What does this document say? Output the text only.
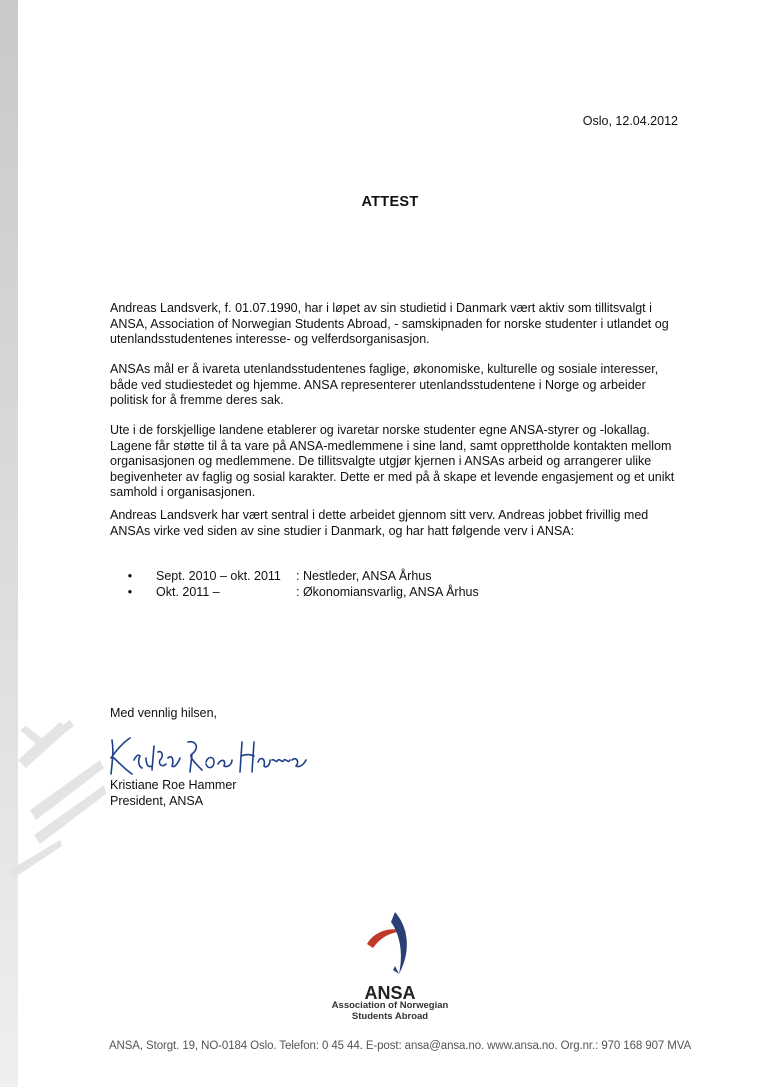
Oslo, 12.04.2012
ATTEST

Andreas Landsverk, f. 01.07.1990, har i løpet av sin studietid i Danmark vært aktiv som tillitsvalgt i ANSA, Association of Norwegian Students Abroad, - samskipnaden for norske studenter i utlandet og utenlandsstudentenes interesse- og velferdsorganisasjon.

ANSAs mål er å ivareta utenlandsstudentenes faglige, økonomiske, kulturelle og sosiale interesser, både ved studiestedet og hjemme. ANSA representerer utenlandsstudentene i Norge og arbeider politisk for å fremme deres sak.

Ute i de forskjellige landene etablerer og ivaretar norske studenter egne ANSA-styrer og -lokallag. Lagene får støtte til å ta vare på ANSA-medlemmene i sine land, samt opprettholde kontakten mellom organisasjonen og medlemmene. De tillitsvalgte utgjør kjernen i ANSAs arbeid og arrangerer ulike begivenheter av faglig og sosial karakter. Dette er med på å skape et levende engasjement og et unikt samhold i organisasjonen.

Andreas Landsverk har vært sentral i dette arbeidet gjennom sitt verv. Andreas jobbet frivillig med ANSAs virke ved siden av sine studier i Danmark, og har hatt følgende verv i ANSA:

• Sept. 2010 – okt. 2011 : Nestleder, ANSA Århus
• Okt. 2011 –	: Økonomiansvarlig, ANSA Århus
Med vennlig hilsen,
Kristiane Roe Hammer
President, ANSA
ANSA
Association of Norwegian
Students Abroad
ANSA, Storgt. 19, NO-0184 Oslo. Telefon: 0 45 44. E-post: ansa@ansa.no. www.ansa.no. Org.nr.: 970 168 907 MVA
